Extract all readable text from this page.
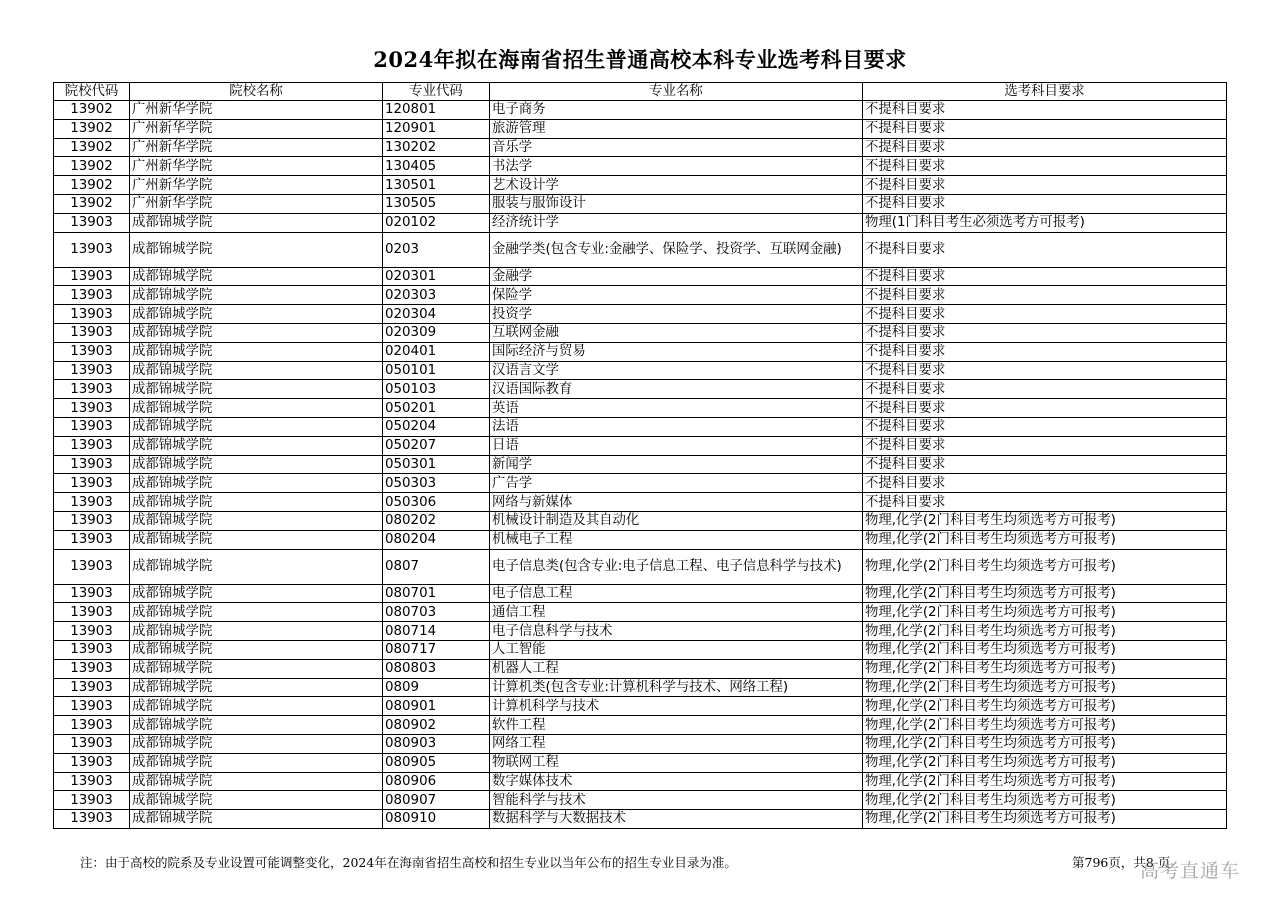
2024年拟在海南省招生普通高校本科专业选考科目要求
院校代码	院校名称	专业代码	专业名称	选考科目要求
13902	广州新华学院	120801	电子商务	不提科目要求
13902	广州新华学院	120901	旅游管理	不提科目要求
13902	广州新华学院	130202	音乐学	不提科目要求
13902	广州新华学院	130405	书法学	不提科目要求
13902	广州新华学院	130501	艺术设计学	不提科目要求
13902	广州新华学院	130505	服装与服饰设计	不提科目要求
13903	成都锦城学院	020102	经济统计学	物理(1门科目考生必须选考方可报考)
13903	成都锦城学院	0203	金融学类(包含专业:金融学、保险学、投资学、互联网金融)	不提科目要求
13903	成都锦城学院	020301	金融学	不提科目要求
13903	成都锦城学院	020303	保险学	不提科目要求
13903	成都锦城学院	020304	投资学	不提科目要求
13903	成都锦城学院	020309	互联网金融	不提科目要求
13903	成都锦城学院	020401	国际经济与贸易	不提科目要求
13903	成都锦城学院	050101	汉语言文学	不提科目要求
13903	成都锦城学院	050103	汉语国际教育	不提科目要求
13903	成都锦城学院	050201	英语	不提科目要求
13903	成都锦城学院	050204	法语	不提科目要求
13903	成都锦城学院	050207	日语	不提科目要求
13903	成都锦城学院	050301	新闻学	不提科目要求
13903	成都锦城学院	050303	广告学	不提科目要求
13903	成都锦城学院	050306	网络与新媒体	不提科目要求
13903	成都锦城学院	080202	机械设计制造及其自动化	物理,化学(2门科目考生均须选考方可报考)
13903	成都锦城学院	080204	机械电子工程	物理,化学(2门科目考生均须选考方可报考)
13903	成都锦城学院	0807	电子信息类(包含专业:电子信息工程、电子信息科学与技术)	物理,化学(2门科目考生均须选考方可报考)
13903	成都锦城学院	080701	电子信息工程	物理,化学(2门科目考生均须选考方可报考)
13903	成都锦城学院	080703	通信工程	物理,化学(2门科目考生均须选考方可报考)
13903	成都锦城学院	080714	电子信息科学与技术	物理,化学(2门科目考生均须选考方可报考)
13903	成都锦城学院	080717	人工智能	物理,化学(2门科目考生均须选考方可报考)
13903	成都锦城学院	080803	机器人工程	物理,化学(2门科目考生均须选考方可报考)
13903	成都锦城学院	0809	计算机类(包含专业:计算机科学与技术、网络工程)	物理,化学(2门科目考生均须选考方可报考)
13903	成都锦城学院	080901	计算机科学与技术	物理,化学(2门科目考生均须选考方可报考)
13903	成都锦城学院	080902	软件工程	物理,化学(2门科目考生均须选考方可报考)
13903	成都锦城学院	080903	网络工程	物理,化学(2门科目考生均须选考方可报考)
13903	成都锦城学院	080905	物联网工程	物理,化学(2门科目考生均须选考方可报考)
13903	成都锦城学院	080906	数字媒体技术	物理,化学(2门科目考生均须选考方可报考)
13903	成都锦城学院	080907	智能科学与技术	物理,化学(2门科目考生均须选考方可报考)
13903	成都锦城学院	080910	数据科学与大数据技术	物理,化学(2门科目考生均须选考方可报考)
注：由于高校的院系及专业设置可能调整变化，2024年在海南省招生高校和招生专业以当年公布的招生专业目录为准。	第796页，共8 页
高考直通车
